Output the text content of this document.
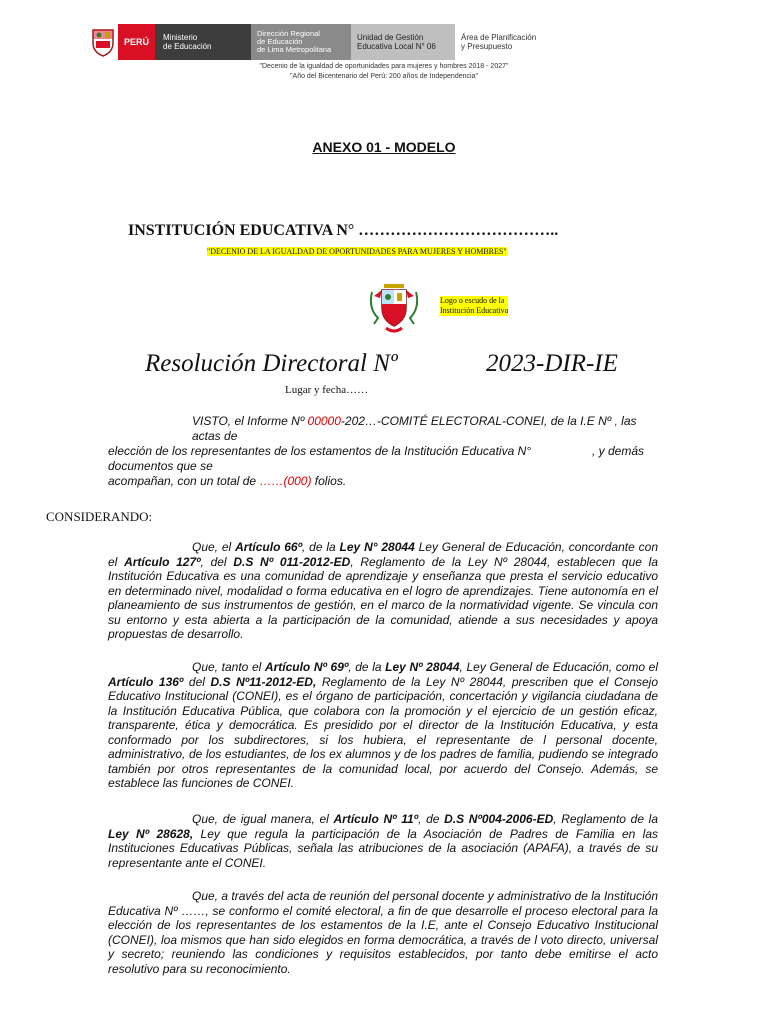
PERÚ	Ministerio
de Educación
Dirección Regional
de Educación
de Lima Metropolitana
Unidad de Gestión
Educativa Local N° 06
Área de Planificación
y Presupuesto
"Decenio de la igualdad de oportunidades para mujeres y hombres 2018 - 2027"
"Año del Bicentenario del Perú: 200 años de Independencia"
ANEXO 01 - MODELO
INSTITUCIÓN EDUCATIVA N° ………………………………..
"DECENIO DE LA IGUALDAD DE OPORTUNIDADES PARA MUJERES Y HOMBRES"
Logo o escudo de la
Institución Educativa
Resolución Directoral Nº	2023-DIR-IE
Lugar y fecha……
VISTO, el Informe Nº 00000-202…-COMITÉ ELECTORAL-CONEI, de la I.E Nº , las
actas de
elección de los representantes de los estamentos de la Institución Educativa N°	, y demás
documentos que se
acompañan, con un total de ……(000) folios.
CONSIDERANDO:
Que, el Artículo 66º, de la Ley N° 28044 Ley General de Educación, concordante con el Artículo 127º, del D.S Nº 011-2012-ED, Reglamento de la Ley Nº 28044, establecen que la Institución Educativa es una comunidad de aprendizaje y enseñanza que presta el servicio educativo en determinado nivel, modalidad o forma educativa en el logro de aprendizajes. Tiene autonomía en el planeamiento de sus instrumentos de gestión, en el marco de la normatividad vigente. Se vincula con su entorno y esta abierta a la participación de la comunidad, atiende a sus necesidades y apoya propuestas de desarrollo.
Que, tanto el Artículo Nº 69º, de la Ley Nº 28044, Ley General de Educación, como el Artículo 136º del D.S Nº11-2012-ED, Reglamento de la Ley Nº 28044, prescriben que el Consejo Educativo Institucional (CONEI), es el órgano de participación, concertación y vigilancia ciudadana de la Institución Educativa Pública, que colabora con la promoción y el ejercicio de un gestión eficaz, transparente, ética y democrática. Es presidido por el director de la Institución Educativa, y esta conformado por los subdirectores, si los hubiera, el representante de l personal docente, administrativo, de los estudiantes, de los ex alumnos y de los padres de familia, pudiendo se integrado también por otros representantes de la comunidad local, por acuerdo del Consejo. Además, se establece las funciones de CONEI.
Que, de igual manera, el Artículo Nº 11º, de D.S Nº004-2006-ED, Reglamento de la Ley Nº 28628, Ley que regula la participación de la Asociación de Padres de Familia en las Instituciones Educativas Públicas, señala las atribuciones de la asociación (APAFA), a través de su representante ante el CONEI.
Que, a través del acta de reunión del personal docente y administrativo de la Institución Educativa Nº ……, se conformo el comité electoral, a fin de que desarrolle el proceso electoral para la elección de los representantes de los estamentos de la I.E, ante el Consejo Educativo Institucional (CONEI), loa mismos que han sido elegidos en forma democrática, a través de l voto directo, universal y secreto; reuniendo las condiciones y requisitos establecidos, por tanto debe emitirse el acto resolutivo para su reconocimiento.
